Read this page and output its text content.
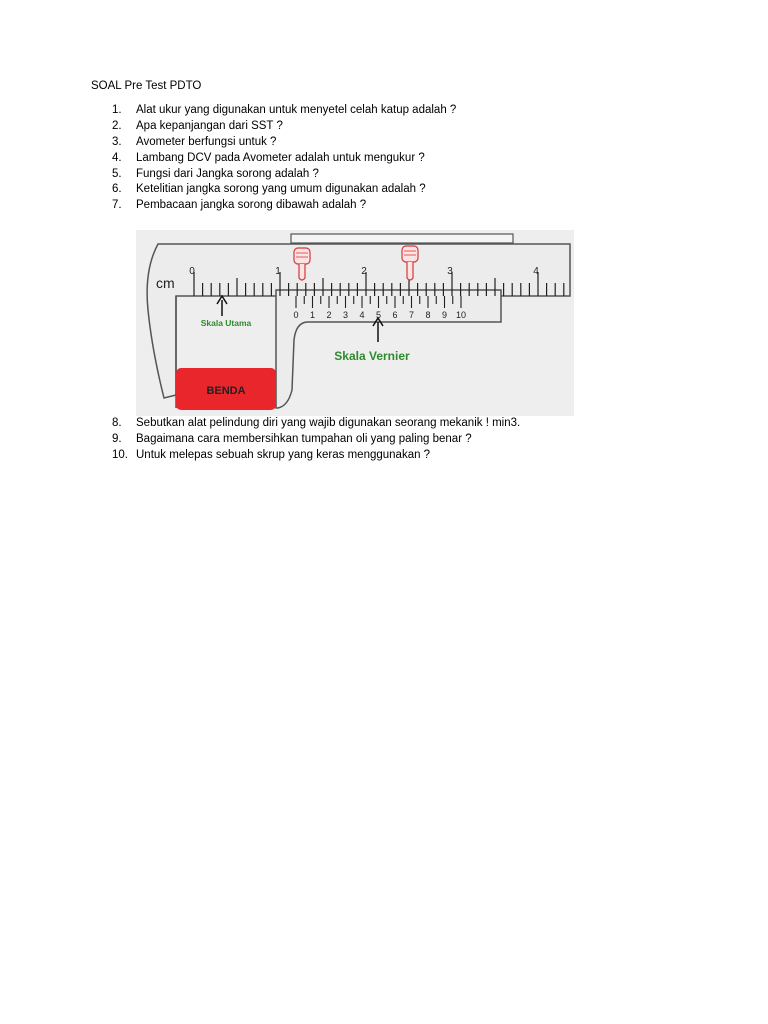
SOAL Pre Test PDTO
1.	Alat ukur yang digunakan untuk menyetel celah katup adalah ?
2.	Apa kepanjangan dari SST ?
3.	Avometer berfungsi untuk ?
4.	Lambang DCV pada Avometer adalah untuk mengukur ?
5.	Fungsi dari Jangka sorong adalah ?
6.	Ketelitian jangka sorong yang umum digunakan adalah ?
7.	Pembacaan jangka sorong dibawah adalah ?
BENDA
cm
0	1	2	3	4
0 1 2 3 4 5 6 7 8 9 10
Skala Utama
Skala Vernier
8.	Sebutkan alat pelindung diri yang wajib digunakan seorang mekanik ! min3.
9.	Bagaimana cara membersihkan tumpahan oli yang paling benar ?
10. Untuk melepas sebuah skrup yang keras menggunakan ?
